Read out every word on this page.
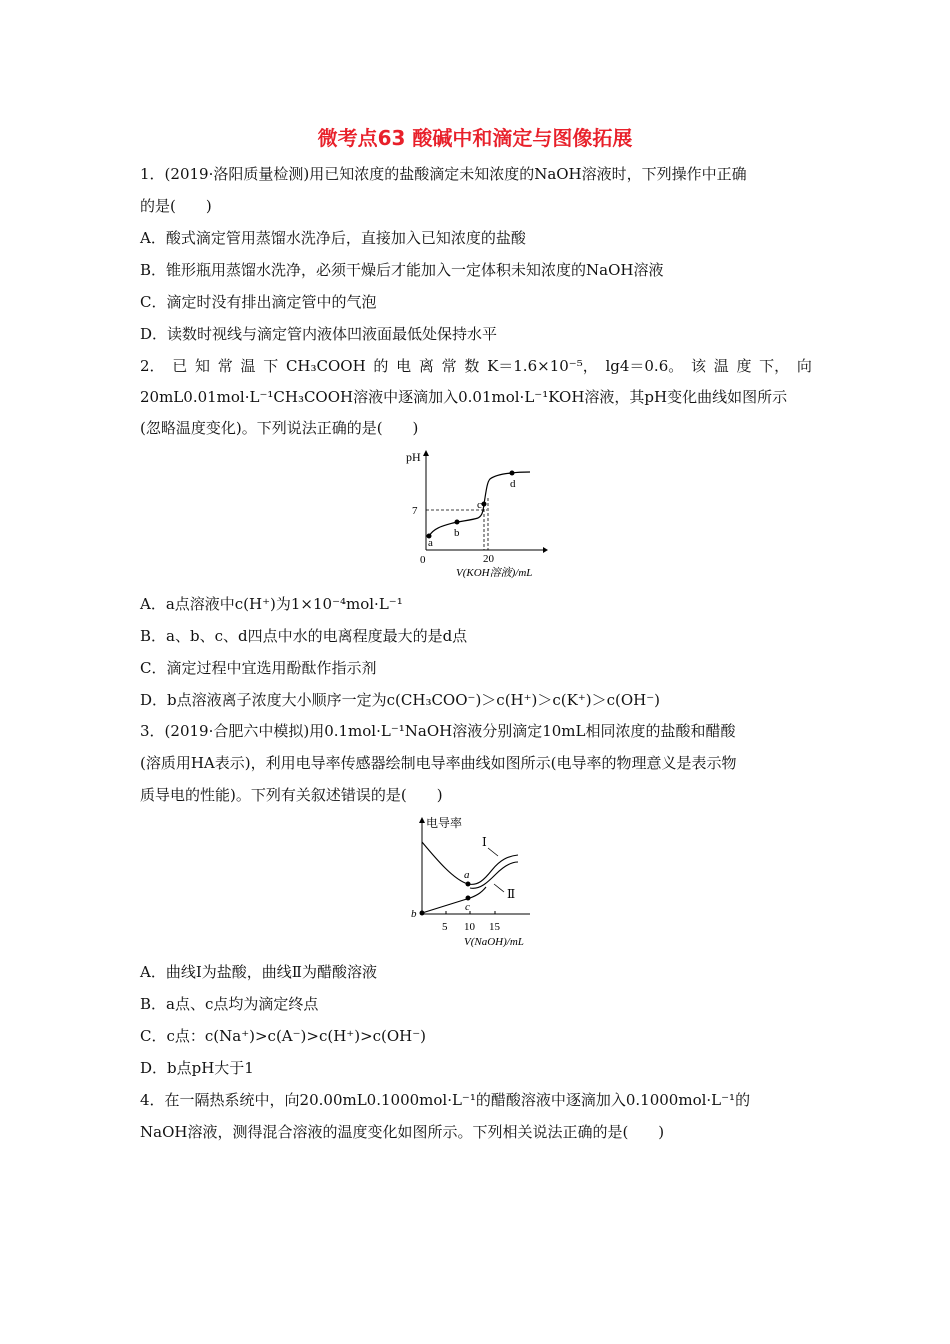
微考点63 酸碱中和滴定与图像拓展
1．(2019·洛阳质量检测)用已知浓度的盐酸滴定未知浓度的NaOH溶液时，下列操作中正确
的是(　　)
A．酸式滴定管用蒸馏水洗净后，直接加入已知浓度的盐酸
B．锥形瓶用蒸馏水洗净，必须干燥后才能加入一定体积未知浓度的NaOH溶液
C．滴定时没有排出滴定管中的气泡
D．读数时视线与滴定管内液体凹液面最低处保持水平
2． 已 知 常 温 下 CH₃COOH 的 电 离 常 数 K＝1.6×10⁻⁵， lg4＝0.6。 该 温 度 下， 向
20mL0.01mol·L⁻¹CH₃COOH溶液中逐滴加入0.01mol·L⁻¹KOH溶液，其pH变化曲线如图所示
(忽略温度变化)。下列说法正确的是(　　)
pH
7
0	20
V(KOH溶液)/mL
a
b
c
d
A．a点溶液中c(H⁺)为1×10⁻⁴mol·L⁻¹
B．a、b、c、d四点中水的电离程度最大的是d点
C．滴定过程中宜选用酚酞作指示剂
D．b点溶液离子浓度大小顺序一定为c(CH₃COO⁻)＞c(H⁺)＞c(K⁺)＞c(OH⁻)
3．(2019·合肥六中模拟)用0.1mol·L⁻¹NaOH溶液分别滴定10mL相同浓度的盐酸和醋酸
(溶质用HA表示)，利用电导率传感器绘制电导率曲线如图所示(电导率的物理意义是表示物
质导电的性能)。下列有关叙述错误的是(　　)
电导率
Ⅰ
Ⅱ
a
b
c
5 10 15
V(NaOH)/mL
A．曲线Ⅰ为盐酸，曲线Ⅱ为醋酸溶液
B．a点、c点均为滴定终点
C．c点：c(Na⁺)>c(A⁻)>c(H⁺)>c(OH⁻)
D．b点pH大于1
4．在一隔热系统中，向20.00mL0.1000mol·L⁻¹的醋酸溶液中逐滴加入0.1000mol·L⁻¹的
NaOH溶液，测得混合溶液的温度变化如图所示。下列相关说法正确的是(　　)
